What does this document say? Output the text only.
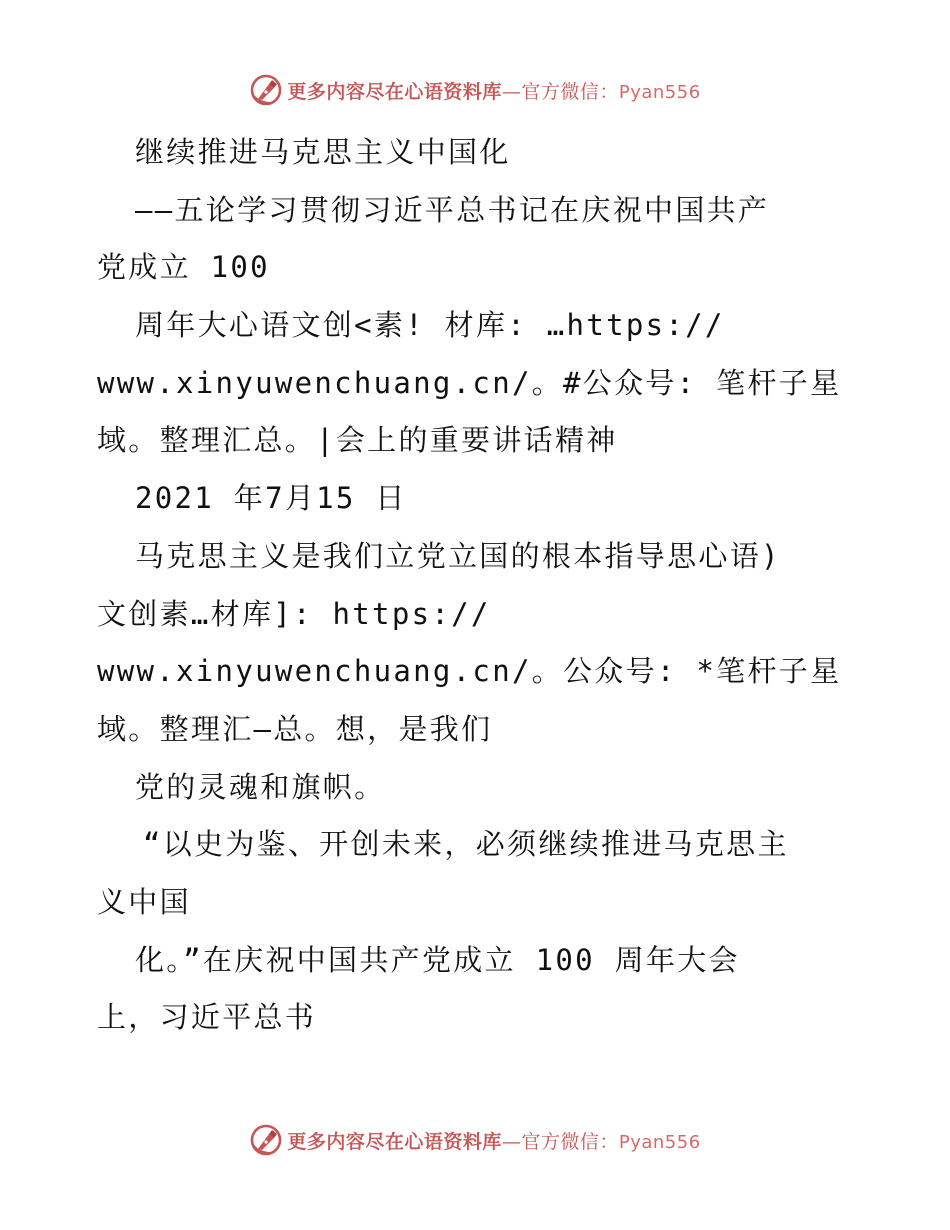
更多内容尽在心语资料库—官方微信：Pyan556
继续推进马克思主义中国化
——五论学习贯彻习近平总书记在庆祝中国共产
党成立 100
周年大心语文创<素! 材库: …https://
www.xinyuwenchuang.cn/。#公众号: 笔杆子星
域。整理汇总。|会上的重要讲话精神
2021 年7月15 日
马克思主义是我们立党立国的根本指导思心语)
文创素…材库]: https://
www.xinyuwenchuang.cn/。公众号: *笔杆子星
域。整理汇—总。想，是我们
党的灵魂和旗帜。
“以史为鉴、开创未来，必须继续推进马克思主
义中国
化。”在庆祝中国共产党成立 100 周年大会
上，习近平总书
更多内容尽在心语资料库—官方微信：Pyan556
